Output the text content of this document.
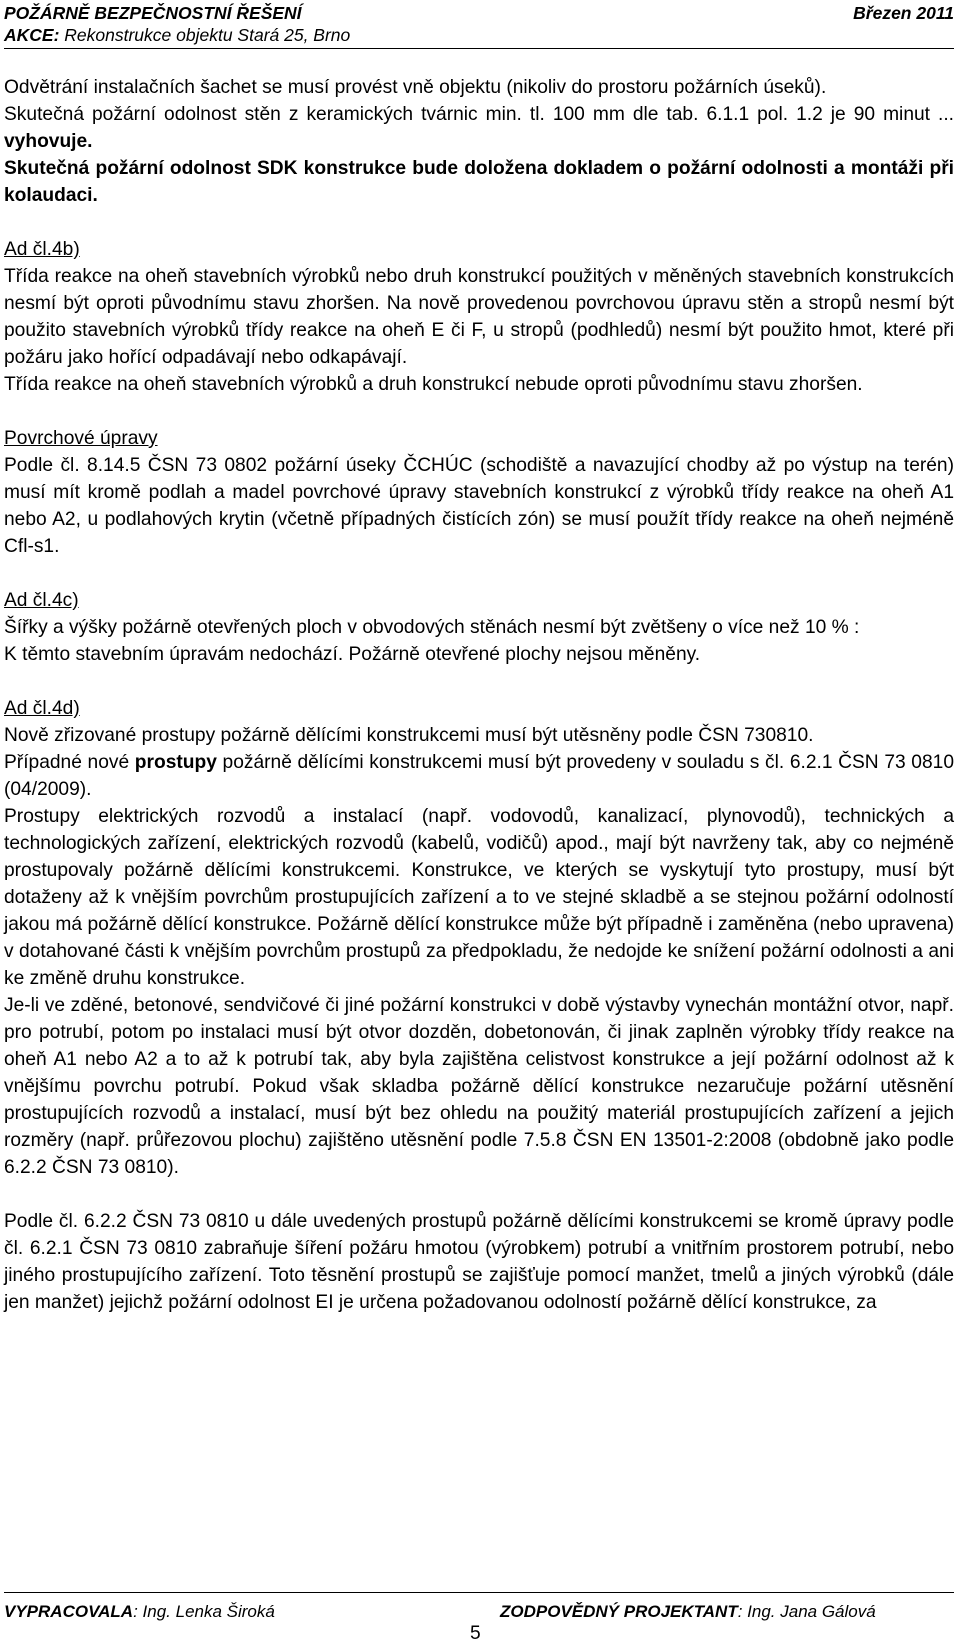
POŽÁRNĚ BEZPEČNOSTNÍ ŘEŠENÍ	Březen 2011
AKCE: Rekonstrukce objektu Stará 25, Brno

Odvětrání instalačních šachet se musí provést vně objektu (nikoliv do prostoru požárních úseků).

Skutečná požární odolnost stěn z keramických tvárnic min. tl. 100 mm dle tab. 6.1.1 pol. 1.2 je 90 minut ... vyhovuje.

Skutečná požární odolnost SDK konstrukce bude doložena dokladem o požární odolnosti a montáži při kolaudaci.

Ad čl.4b)

Třída reakce na oheň stavebních výrobků nebo druh konstrukcí použitých v měněných stavebních konstrukcích nesmí být oproti původnímu stavu zhoršen. Na nově provedenou povrchovou úpravu stěn a stropů nesmí být použito stavebních výrobků třídy reakce na oheň E či F, u stropů (podhledů) nesmí být použito hmot, které při požáru jako hořící odpadávají nebo odkapávají.

Třída reakce na oheň stavebních výrobků a druh konstrukcí nebude oproti původnímu stavu zhoršen.

Povrchové úpravy

Podle čl. 8.14.5 ČSN 73 0802 požární úseky ČCHÚC (schodiště a navazující chodby až po výstup na terén) musí mít kromě podlah a madel povrchové úpravy stavebních konstrukcí z výrobků třídy reakce na oheň A1 nebo A2, u podlahových krytin (včetně případných čistících zón) se musí použít třídy reakce na oheň nejméně Cfl-s1.

Ad čl.4c)

Šířky a výšky požárně otevřených ploch v obvodových stěnách nesmí být zvětšeny o více než 10 % :

K těmto stavebním úpravám nedochází. Požárně otevřené plochy nejsou měněny.

Ad čl.4d)

Nově zřizované prostupy požárně dělícími konstrukcemi musí být utěsněny podle ČSN 730810.

Případné nové prostupy požárně dělícími konstrukcemi musí být provedeny v souladu s čl. 6.2.1 ČSN 73 0810 (04/2009).

Prostupy elektrických rozvodů a instalací (např. vodovodů, kanalizací, plynovodů), technických a technologických zařízení, elektrických rozvodů (kabelů, vodičů) apod., mají být navrženy tak, aby co nejméně prostupovaly požárně dělícími konstrukcemi. Konstrukce, ve kterých se vyskytují tyto prostupy, musí být dotaženy až k vnějším povrchům prostupujících zařízení a to ve stejné skladbě a se stejnou požární odolností jakou má požárně dělící konstrukce. Požárně dělící konstrukce může být případně i zaměněna (nebo upravena) v dotahované části k vnějším povrchům prostupů za předpokladu, že nedojde ke snížení požární odolnosti a ani ke změně druhu konstrukce.

Je-li ve zděné, betonové, sendvičové či jiné požární konstrukci v době výstavby vynechán montážní otvor, např. pro potrubí, potom po instalaci musí být otvor dozděn, dobetonován, či jinak zaplněn výrobky třídy reakce na oheň A1 nebo A2 a to až k potrubí tak, aby byla zajištěna celistvost konstrukce a její požární odolnost až k vnějšímu povrchu potrubí. Pokud však skladba požárně dělící konstrukce nezaručuje požární utěsnění prostupujících rozvodů a instalací, musí být bez ohledu na použitý materiál prostupujících zařízení a jejich rozměry (např. průřezovou plochu) zajištěno utěsnění podle 7.5.8 ČSN EN 13501-2:2008 (obdobně jako podle 6.2.2 ČSN 73 0810).

Podle čl. 6.2.2 ČSN 73 0810 u dále uvedených prostupů požárně dělícími konstrukcemi se kromě úpravy podle čl. 6.2.1 ČSN 73 0810 zabraňuje šíření požáru hmotou (výrobkem) potrubí a vnitřním prostorem potrubí, nebo jiného prostupujícího zařízení. Toto těsnění prostupů se zajišťuje pomocí manžet, tmelů a jiných výrobků (dále jen manžet) jejichž požární odolnost EI je určena požadovanou odolností požárně dělící konstrukce, za

VYPRACOVALA: Ing. Lenka Široká	ZODPOVĚDNÝ PROJEKTANT: Ing. Jana Gálová
5
